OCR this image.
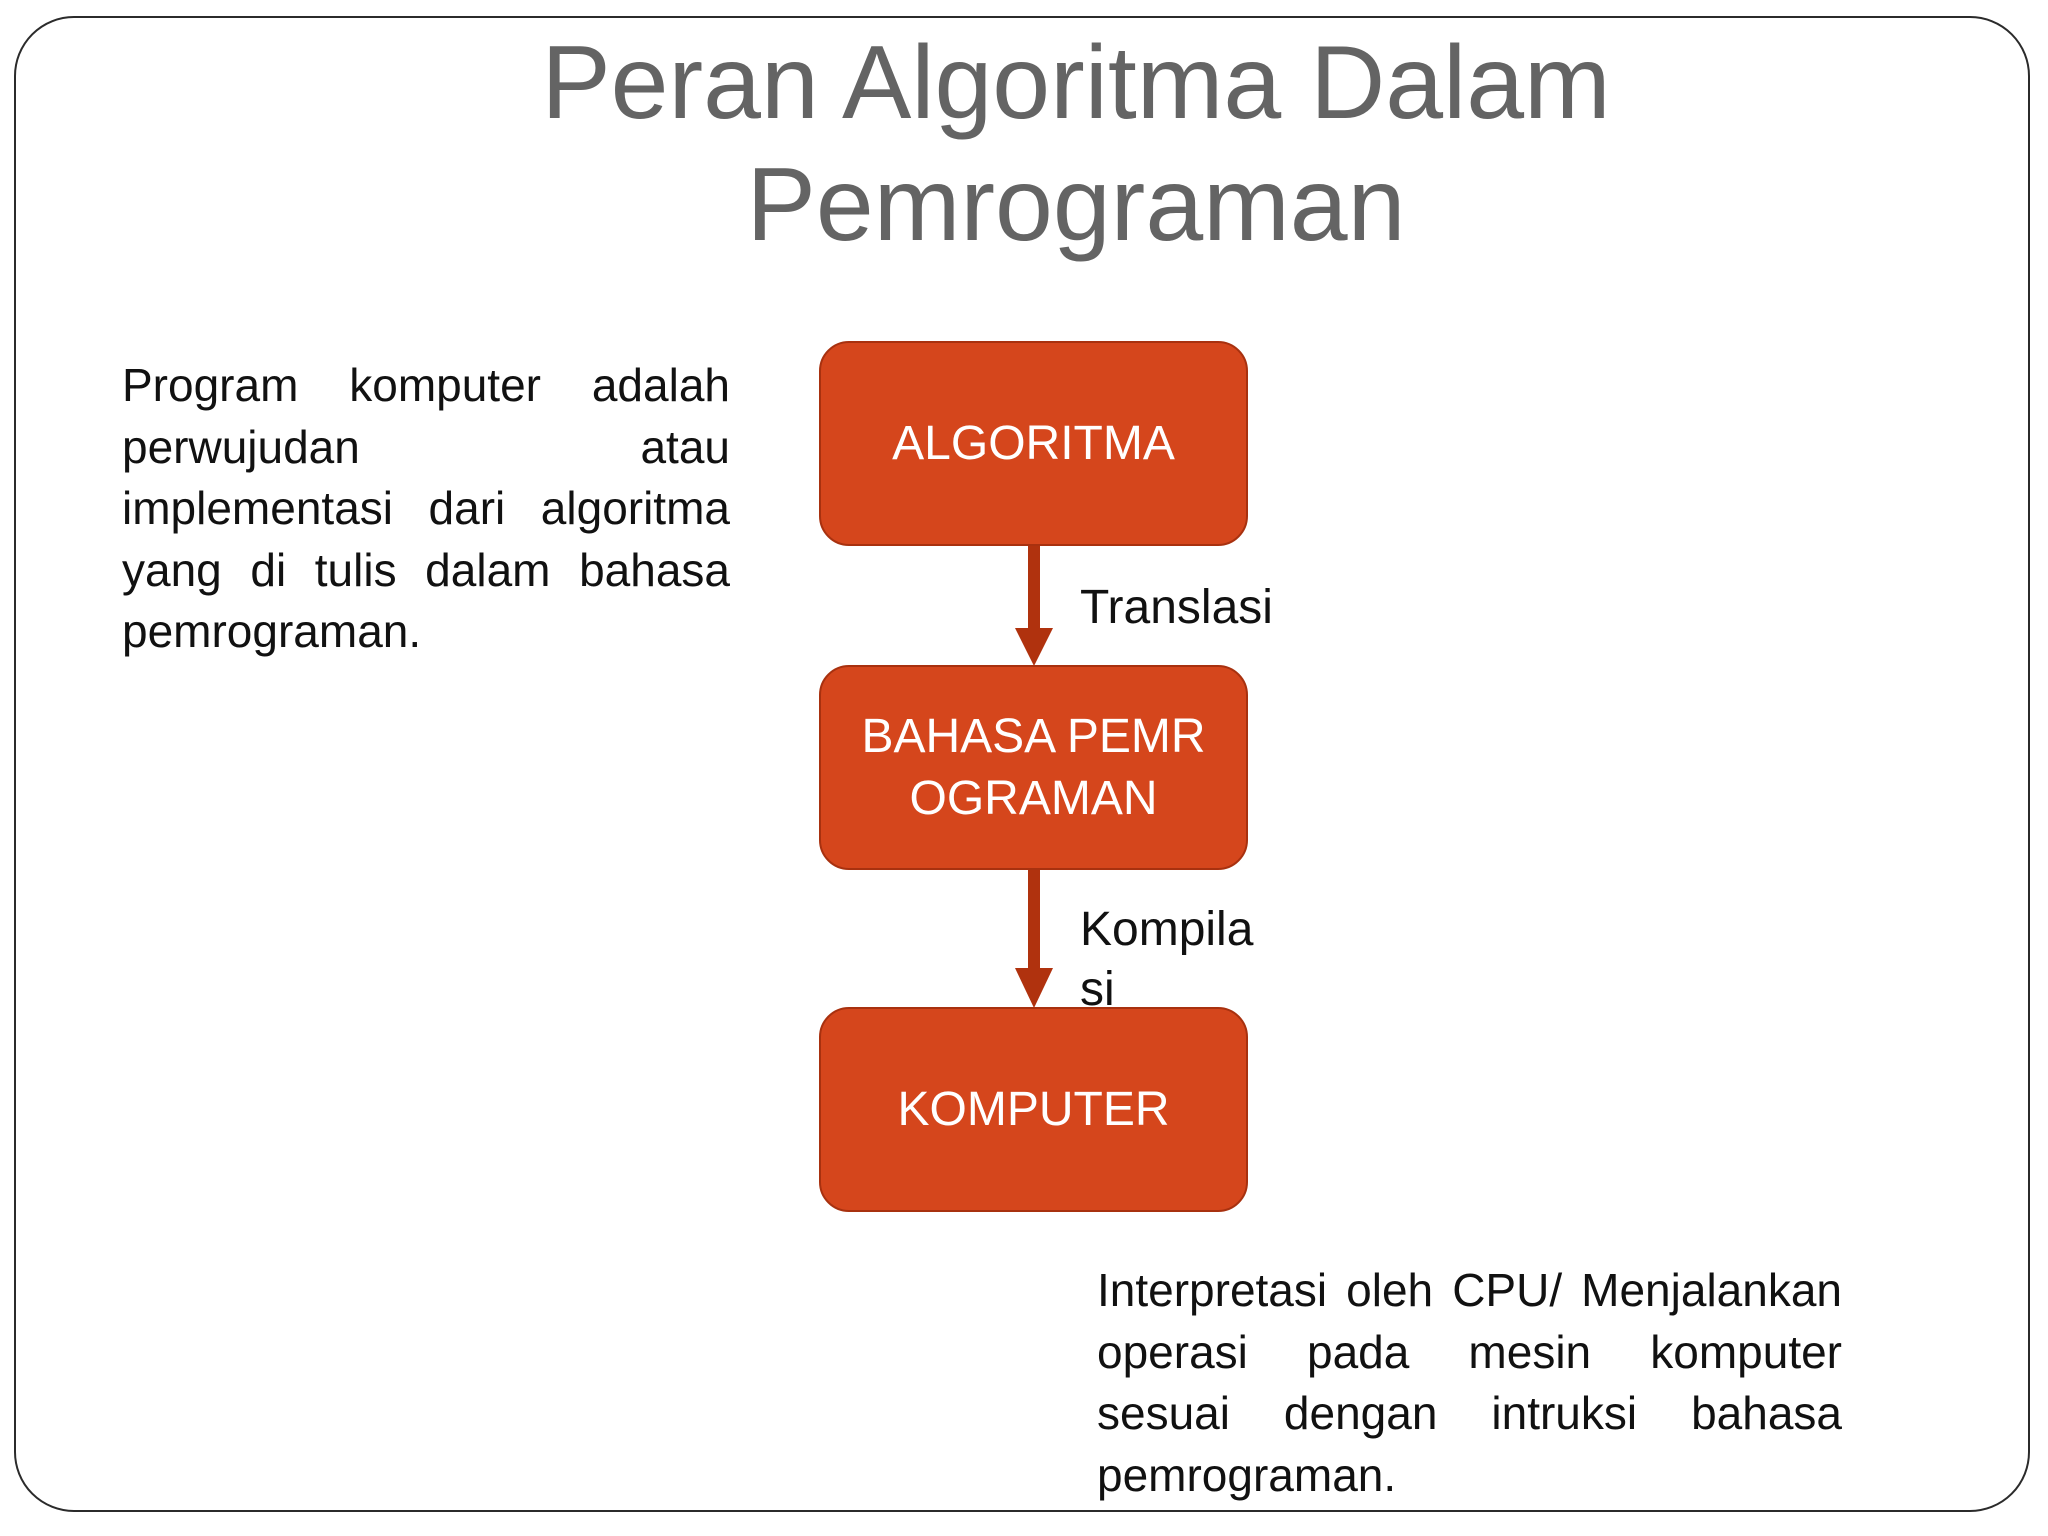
Peran Algoritma Dalam
Pemrograman
Program komputer adalah perwujudan atau implementasi dari algoritma yang di tulis dalam bahasa pemrograman.
ALGORITMA
BAHASA PEMROGRAMAN
KOMPUTER
Translasi
Kompilasi
Interpretasi oleh CPU/ Menjalankan operasi pada mesin komputer sesuai dengan intruksi bahasa pemrograman.
